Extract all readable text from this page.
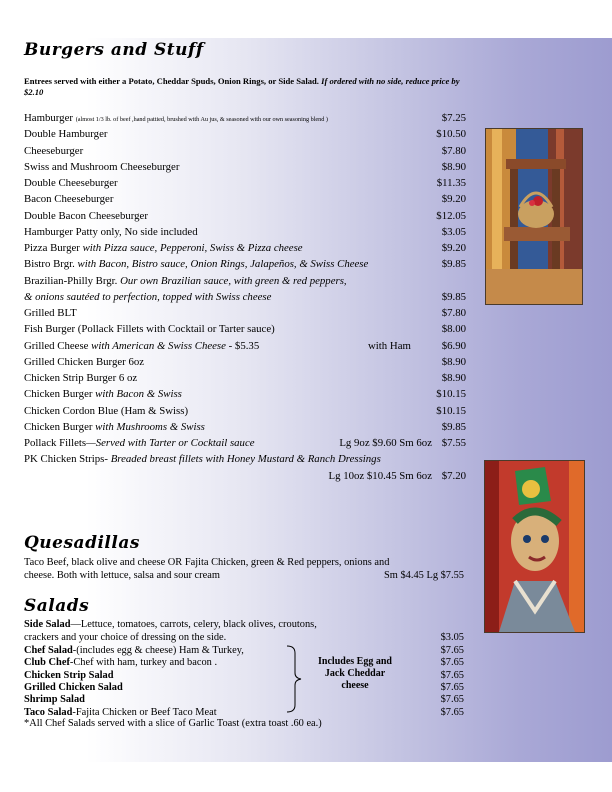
Burgers and Stuff
Entrees served with either a Potato, Cheddar Spuds, Onion Rings, or Side Salad. If ordered with no side, reduce price by $2.10
Hamburger (almost 1/3 lb. of beef ,hand pattied, brushed with Au jus, & seasoned with our own seasoning blend )	$7.25
Double Hamburger	$10.50
Cheeseburger	$7.80
Swiss and Mushroom Cheeseburger	$8.90
Double Cheeseburger	$11.35
Bacon Cheeseburger	$9.20
Double Bacon Cheeseburger	$12.05
Hamburger Patty only, No side included	$3.05
Pizza Burger with Pizza sauce, Pepperoni, Swiss & Pizza cheese	$9.20
Bistro Brgr. with Bacon, Bistro sauce, Onion Rings, Jalapeños, & Swiss Cheese	$9.85
Brazilian-Philly Brgr. Our own Brazilian sauce, with green & red peppers,
& onions sautéed to perfection, topped with Swiss cheese	$9.85
Grilled BLT	$7.80
Fish Burger (Pollack Fillets with Cocktail or Tarter sauce)	$8.00
Grilled Cheese with American & Swiss Cheese - $5.35	with Ham	$6.90
Grilled Chicken Burger 6oz	$8.90
Chicken Strip Burger 6 oz	$8.90
Chicken Burger with Bacon & Swiss	$10.15
Chicken Cordon Blue (Ham & Swiss)	$10.15
Chicken Burger with Mushrooms & Swiss	$9.85
Pollack Fillets—Served with Tarter or Cocktail sauce	Lg 9oz $9.60 Sm 6oz $7.55
PK Chicken Strips- Breaded breast fillets with Honey Mustard & Ranch Dressings
Lg 10oz $10.45 Sm 6oz $7.20
Quesadillas
Taco Beef, black olive and cheese OR Fajita Chicken, green & Red peppers, onions and
cheese. Both with lettuce, salsa and sour cream	Sm $4.45 Lg $7.55
Salads
Side Salad—Lettuce, tomatoes, carrots, celery, black olives, croutons,
crackers and your choice of dressing on the side.	$3.05
Chef Salad-(includes egg & cheese) Ham & Turkey,	$7.65
Club Chef-Chef with ham, turkey and bacon .	$7.65
Chicken Strip Salad	$7.65
Grilled Chicken Salad	$7.65
Shrimp Salad	$7.65
Taco Salad-Fajita Chicken or Beef Taco Meat	$7.65
Includes Egg and
Jack Cheddar
cheese
*All Chef Salads served with a slice of Garlic Toast (extra toast .60 ea.)
